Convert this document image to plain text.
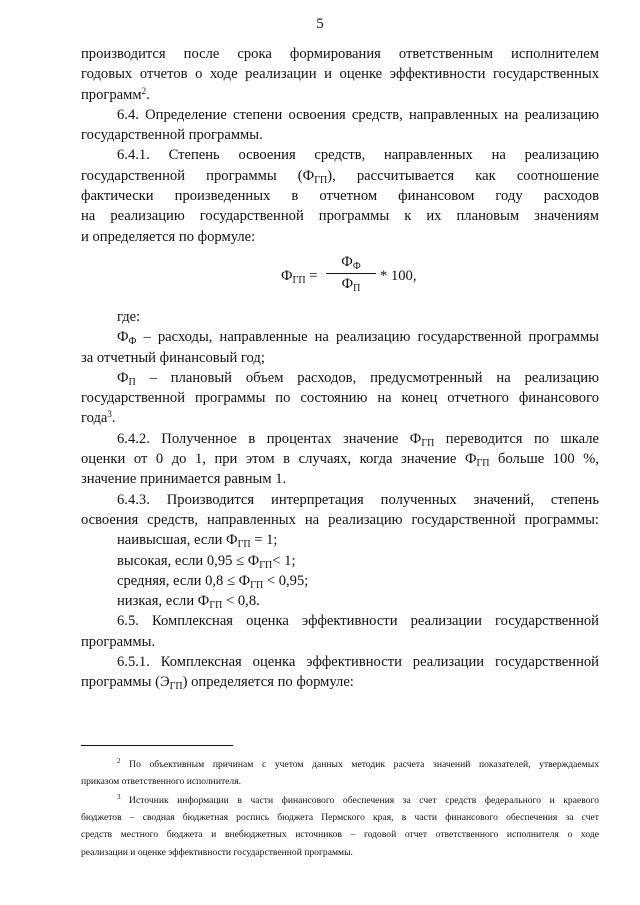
5

производится после срока формирования ответственным исполнителем

годовых отчетов о ходе реализации и оценке эффективности государственных

программ$^2$.

6.4. Определение степени освоения средств, направленных на реализацию

государственной программы.

6.4.1. Степень освоения средств, направленных на реализацию

государственной программы $(Ф_{ГП})$, рассчитывается как соотношение

фактически произведенных в отчетном финансовом году расходов

на реализацию государственной программы к их плановым значениям

и определяется по формуле:

$Ф_{ГП}$ =
$Ф_Ф$
$Ф_П$
* 100,

где:

$Ф_Ф$ – расходы, направленные на реализацию государственной программы

за отчетный финансовый год;

$Ф_П$ – плановый объем расходов, предусмотренный на реализацию

государственной программы по состоянию на конец отчетного финансового

года$^3$.

6.4.2. Полученное в процентах значение $Ф_{ГП}$ переводится по шкале

оценки от 0 до 1, при этом в случаях, когда значение $Ф_{ГП}$ больше 100 %,

значение принимается равным 1.

6.4.3. Производится интерпретация полученных значений, степень

освоения средств, направленных на реализацию государственной программы:

наивысшая, если $Ф_{ГП} = 1$;

высокая, если $0,95 \le Ф_{ГП}< 1$;

средняя, если $0,8 \le Ф_{ГП} < 0,95$;

низкая, если $Ф_{ГП} < 0,8$.

6.5. Комплексная оценка эффективности реализации государственной

программы.

6.5.1. Комплексная оценка эффективности реализации государственной

программы $(Э_{ГП})$ определяется по формуле:

$^2$ По объективным причинам с учетом данных методик расчета значений показателей, утверждаемых

приказом ответственного исполнителя.

$^3$ Источник информации в части финансового обеспечения за счет средств федерального и краевого

бюджетов – сводная бюджетная роспись бюджета Пермского края, в части финансового обеспечения за счет

средств местного бюджета и внебюджетных источников – годовой отчет ответственного исполнителя о ходе

реализации и оценке эффективности государственной программы.
